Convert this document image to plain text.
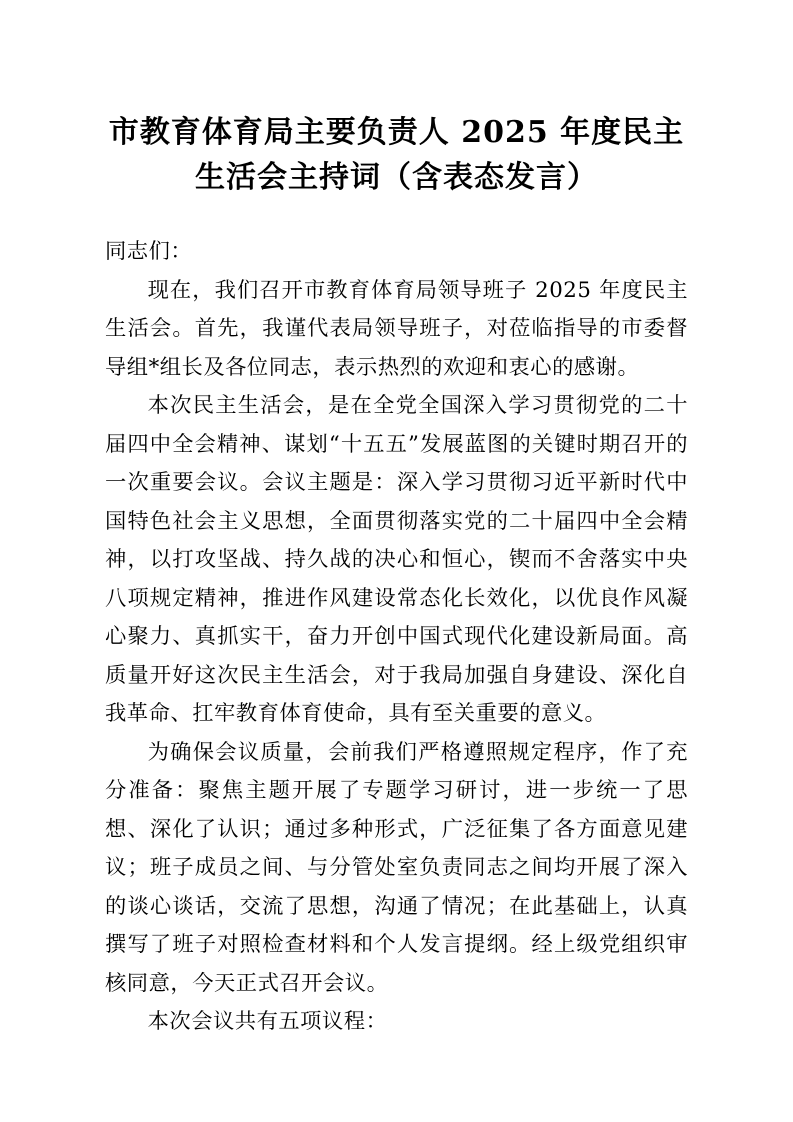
市教育体育局主要负责人 2025 年度民主
生活会主持词（含表态发言）

同志们：

现在，我们召开市教育体育局领导班子 2025 年度民主生活会。首先，我谨代表局领导班子，对莅临指导的市委督导组*组长及各位同志，表示热烈的欢迎和衷心的感谢。

本次民主生活会，是在全党全国深入学习贯彻党的二十届四中全会精神、谋划“十五五”发展蓝图的关键时期召开的一次重要会议。会议主题是：深入学习贯彻习近平新时代中国特色社会主义思想，全面贯彻落实党的二十届四中全会精神，以打攻坚战、持久战的决心和恒心，锲而不舍落实中央八项规定精神，推进作风建设常态化长效化，以优良作风凝心聚力、真抓实干，奋力开创中国式现代化建设新局面。高质量开好这次民主生活会，对于我局加强自身建设、深化自我革命、扛牢教育体育使命，具有至关重要的意义。

为确保会议质量，会前我们严格遵照规定程序，作了充分准备：聚焦主题开展了专题学习研讨，进一步统一了思想、深化了认识；通过多种形式，广泛征集了各方面意见建议；班子成员之间、与分管处室负责同志之间均开展了深入的谈心谈话，交流了思想，沟通了情况；在此基础上，认真撰写了班子对照检查材料和个人发言提纲。经上级党组织审核同意，今天正式召开会议。

本次会议共有五项议程：
